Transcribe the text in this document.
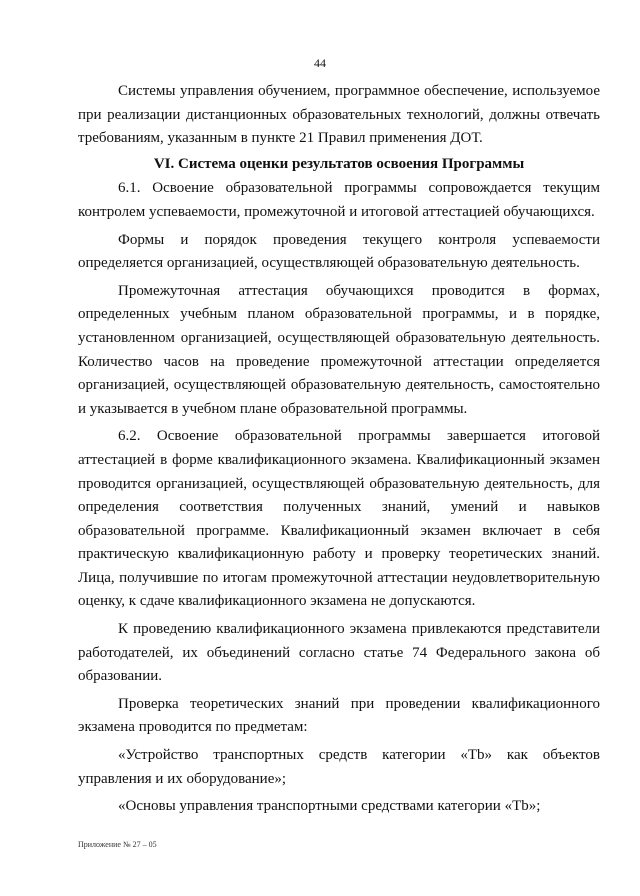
44

Системы управления обучением, программное обеспечение, используемое при реализации дистанционных образовательных технологий, должны отвечать требованиям, указанным в пункте 21 Правил применения ДОТ.

VI. Система оценки результатов освоения Программы

6.1. Освоение образовательной программы сопровождается текущим контролем успеваемости, промежуточной и итоговой аттестацией обучающихся.

Формы и порядок проведения текущего контроля успеваемости определяется организацией, осуществляющей образовательную деятельность.

Промежуточная аттестация обучающихся проводится в формах, определенных учебным планом образовательной программы, и в порядке, установленном организацией, осуществляющей образовательную деятельность. Количество часов на проведение промежуточной аттестации определяется организацией, осуществляющей образовательную деятельность, самостоятельно и указывается в учебном плане образовательной программы.

6.2. Освоение образовательной программы завершается итоговой аттестацией в форме квалификационного экзамена. Квалификационный экзамен проводится организацией, осуществляющей образовательную деятельность, для определения соответствия полученных знаний, умений и навыков образовательной программе. Квалификационный экзамен включает в себя практическую квалификационную работу и проверку теоретических знаний. Лица, получившие по итогам промежуточной аттестации неудовлетворительную оценку, к сдаче квалификационного экзамена не допускаются.

К проведению квалификационного экзамена привлекаются представители работодателей, их объединений согласно статье 74 Федерального закона об образовании.

Проверка теоретических знаний при проведении квалификационного экзамена проводится по предметам:

«Устройство транспортных средств категории «Tb» как объектов управления и их оборудование»;

«Основы управления транспортными средствами категории «Tb»;

Приложение № 27 – 05
